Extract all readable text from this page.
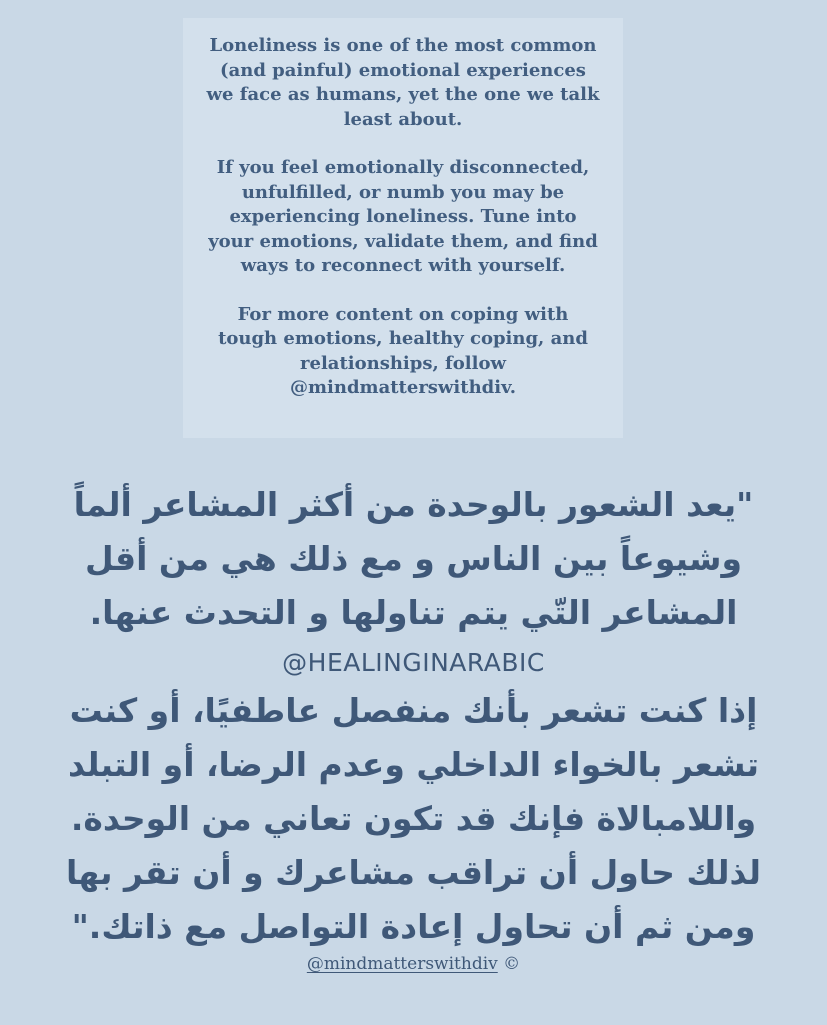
Loneliness is one of the most common (and painful) emotional experiences we face as humans, yet the one we talk least about.

If you feel emotionally disconnected, unfulfilled, or numb you may be experiencing loneliness. Tune into your emotions, validate them, and find ways to reconnect with yourself.

For more content on coping with tough emotions, healthy coping, and relationships, follow @mindmatterswithdiv.

"يعد الشعور بالوحدة من أكثر المشاعر ألماً وشيوعاً بين الناس و مع ذلك هي من أقل المشاعر التّي يتم تناولها و التحدث عنها.
@HEALINGINARABIC
إذا كنت تشعر بأنك منفصل عاطفيًا، أو كنت تشعر بالخواء الداخلي وعدم الرضا، أو التبلد واللامبالاة فإنك قد تكون تعاني من الوحدة. لذلك حاول أن تراقب مشاعرك و أن تقر بها ومن ثم أن تحاول إعادة التواصل مع ذاتك."
@mindmatterswithdiv ©
